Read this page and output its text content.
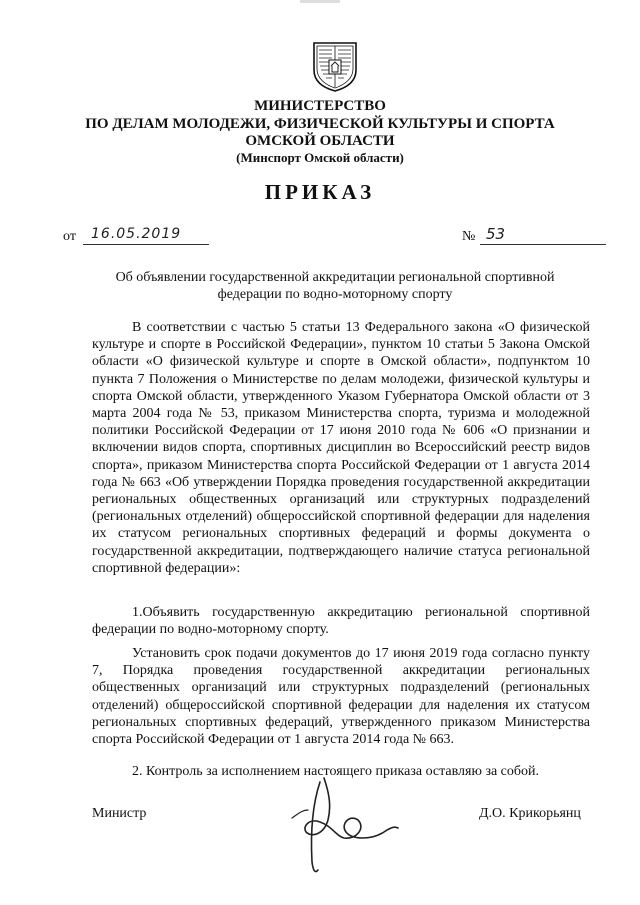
МИНИСТЕРСТВО
ПО ДЕЛАМ МОЛОДЕЖИ, ФИЗИЧЕСКОЙ КУЛЬТУРЫ И СПОРТА
ОМСКОЙ ОБЛАСТИ
(Минспорт Омской области)
ПРИКАЗ
от 16.05.2019	№ 53
Об объявлении государственной аккредитации региональной спортивной
федерации по водно-моторному спорту
В соответствии с частью 5 статьи 13 Федерального закона «О физической культуре и спорте в Российской Федерации», пунктом 10 статьи 5 Закона Омской области «О физической культуре и спорте в Омской области», подпунктом 10 пункта 7 Положения о Министерстве по делам молодежи, физической культуры и спорта Омской области, утвержденного Указом Губернатора Омской области от 3 марта 2004 года № 53, приказом Министерства спорта, туризма и молодежной политики Российской Федерации от 17 июня 2010 года № 606 «О признании и включении видов спорта, спортивных дисциплин во Всероссийский реестр видов спорта», приказом Министерства спорта Российской Федерации от 1 августа 2014 года № 663 «Об утверждении Порядка проведения государственной аккредитации региональных общественных организаций или структурных подразделений (региональных отделений) общероссийской спортивной федерации для наделения их статусом региональных спортивных федераций и формы документа о государственной аккредитации, подтверждающего наличие статуса региональной спортивной федерации»:
1.Объявить государственную аккредитацию региональной спортивной федерации по водно-моторному спорту.
Установить срок подачи документов до 17 июня 2019 года согласно пункту 7, Порядка проведения государственной аккредитации региональных общественных организаций или структурных подразделений (региональных отделений) общероссийской спортивной федерации для наделения их статусом региональных спортивных федераций, утвержденного приказом Министерства спорта Российской Федерации от 1 августа 2014 года № 663.
2. Контроль за исполнением настоящего приказа оставляю за собой.
Министр	Д.О. Крикорьянц
